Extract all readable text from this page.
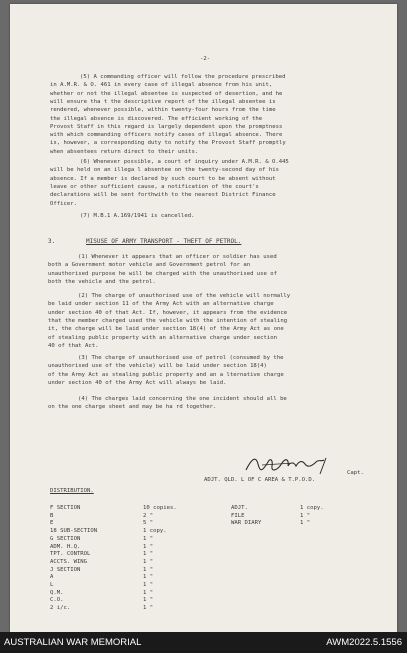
-2-
(5) A commanding officer will follow the procedure prescribed
in A.M.R. & O. 461 in every case of illegal absence from his unit,
whether or not the illegal absentee is suspected of desertion, and he
will ensure tha t the descriptive report of the illegal absentee is
rendered, whenever possible, within twenty-four hours from the time
the illegal absence is discovered. The efficient working of the
Provost Staff in this regard is largely dependent upon the promptness
with which commanding officers notify cases of illegal absence. There
is, however, a corresponding duty to notify the Provost Staff promptly
when absentees return direct to their units.
(6) Whenever possible, a court of inquiry under A.M.R. & O.445
will be held on an illega l absentee on the twenty-second day of his
absence. If a member is declared by such court to be absent without
leave or other sufficient cause, a notification of the court's
declarations will be sent forthwith to the nearest District Finance
Officer.
(7) M.B.1 A.169/1941 is cancelled.
3.	MISUSE OF ARMY TRANSPORT - THEFT OF PETROL.
(1) Whenever it appears that an officer or soldier has used
both a Government motor vehicle and Government petrol for an
unauthorised purpose he will be charged with the unauthorised use of
both the vehicle and the petrol.
(2) The charge of unauthorised use of the vehicle will normally
be laid under section 11 of the Army Act with an alternative charge
under section 40 of that Act. If, however, it appears from the evidence
that the member charged used the vehicle with the intention of stealing
it, the charge will be laid under section 18(4) of the Army Act as one
of stealing public property with an alternative charge under section
40 of that Act.
(3) The charge of unauthorised use of petrol (consumed by the
unauthorised use of the vehicle) will be laid under section 18(4)
of the Army Act as stealing public property and an a lternative charge
under section 40 of the Army Act will always be laid.
(4) The charges laid concerning the one incident should all be
on the one charge sheet and may be ha rd together.
Capt.
ADJT. QLD. L OF C AREA & T.P.O.D.
DISTRIBUTION.
F SECTION	10 copies.
B	2 "
E	5 "
18 SUB-SECTION	1 copy.
G SECTION	1 "
ADM. H.Q.	1 "
TPT. CONTROL	1 "
ACCTS. WING	1 "
J SECTION	1 "
A	1 "
L	1 "
Q.M.	1 "
C.O.	1 "
2 i/c.	1 "
ADJT.	1 copy.
FILE	1 "
WAR DIARY	1 "
AUSTRALIAN WAR MEMORIAL	AWM2022.5.1556
